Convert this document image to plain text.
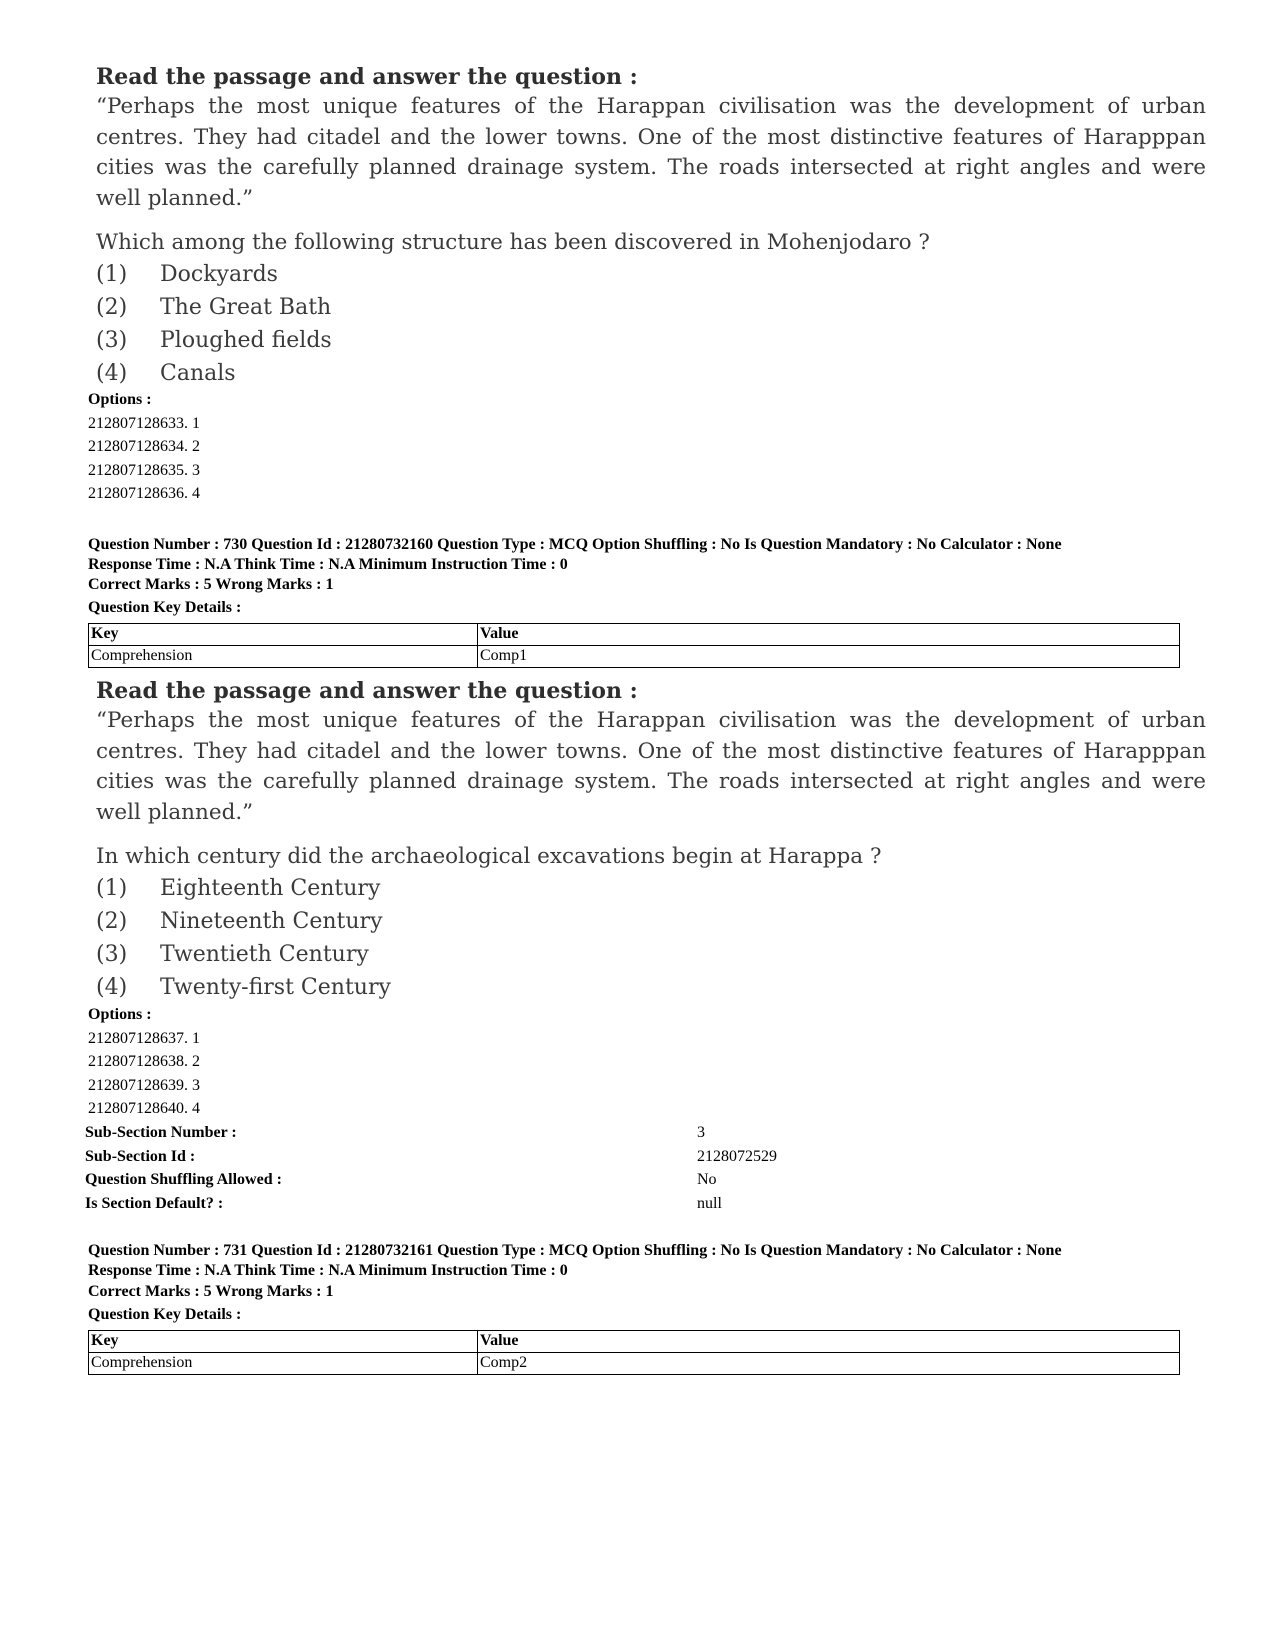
Read the passage and answer the question :

“Perhaps the most unique features of the Harappan civilisation was the development of urban centres. They had citadel and the lower towns. One of the most distinctive features of Harapppan cities was the carefully planned drainage system. The roads intersected at right angles and were well planned.”

Which among the following structure has been discovered in Mohenjodaro ?
(1)	Dockyards
(2)	The Great Bath
(3)	Ploughed fields
(4)	Canals
Options :
212807128633. 1
212807128634. 2
212807128635. 3
212807128636. 4
Question Number : 730 Question Id : 21280732160 Question Type : MCQ Option Shuffling : No Is Question Mandatory : No Calculator : None
Response Time : N.A Think Time : N.A Minimum Instruction Time : 0
Correct Marks : 5 Wrong Marks : 1
Question Key Details :
Key	Value
Comprehension	Comp1
Read the passage and answer the question :

“Perhaps the most unique features of the Harappan civilisation was the development of urban centres. They had citadel and the lower towns. One of the most distinctive features of Harapppan cities was the carefully planned drainage system. The roads intersected at right angles and were well planned.”

In which century did the archaeological excavations begin at Harappa ?
(1)	Eighteenth Century
(2)	Nineteenth Century
(3)	Twentieth Century
(4)	Twenty-first Century
Options :
212807128637. 1
212807128638. 2
212807128639. 3
212807128640. 4
Sub-Section Number :	3
Sub-Section Id :	2128072529
Question Shuffling Allowed :	No
Is Section Default? :	null
Question Number : 731 Question Id : 21280732161 Question Type : MCQ Option Shuffling : No Is Question Mandatory : No Calculator : None
Response Time : N.A Think Time : N.A Minimum Instruction Time : 0
Correct Marks : 5 Wrong Marks : 1
Question Key Details :
Key	Value
Comprehension	Comp2
